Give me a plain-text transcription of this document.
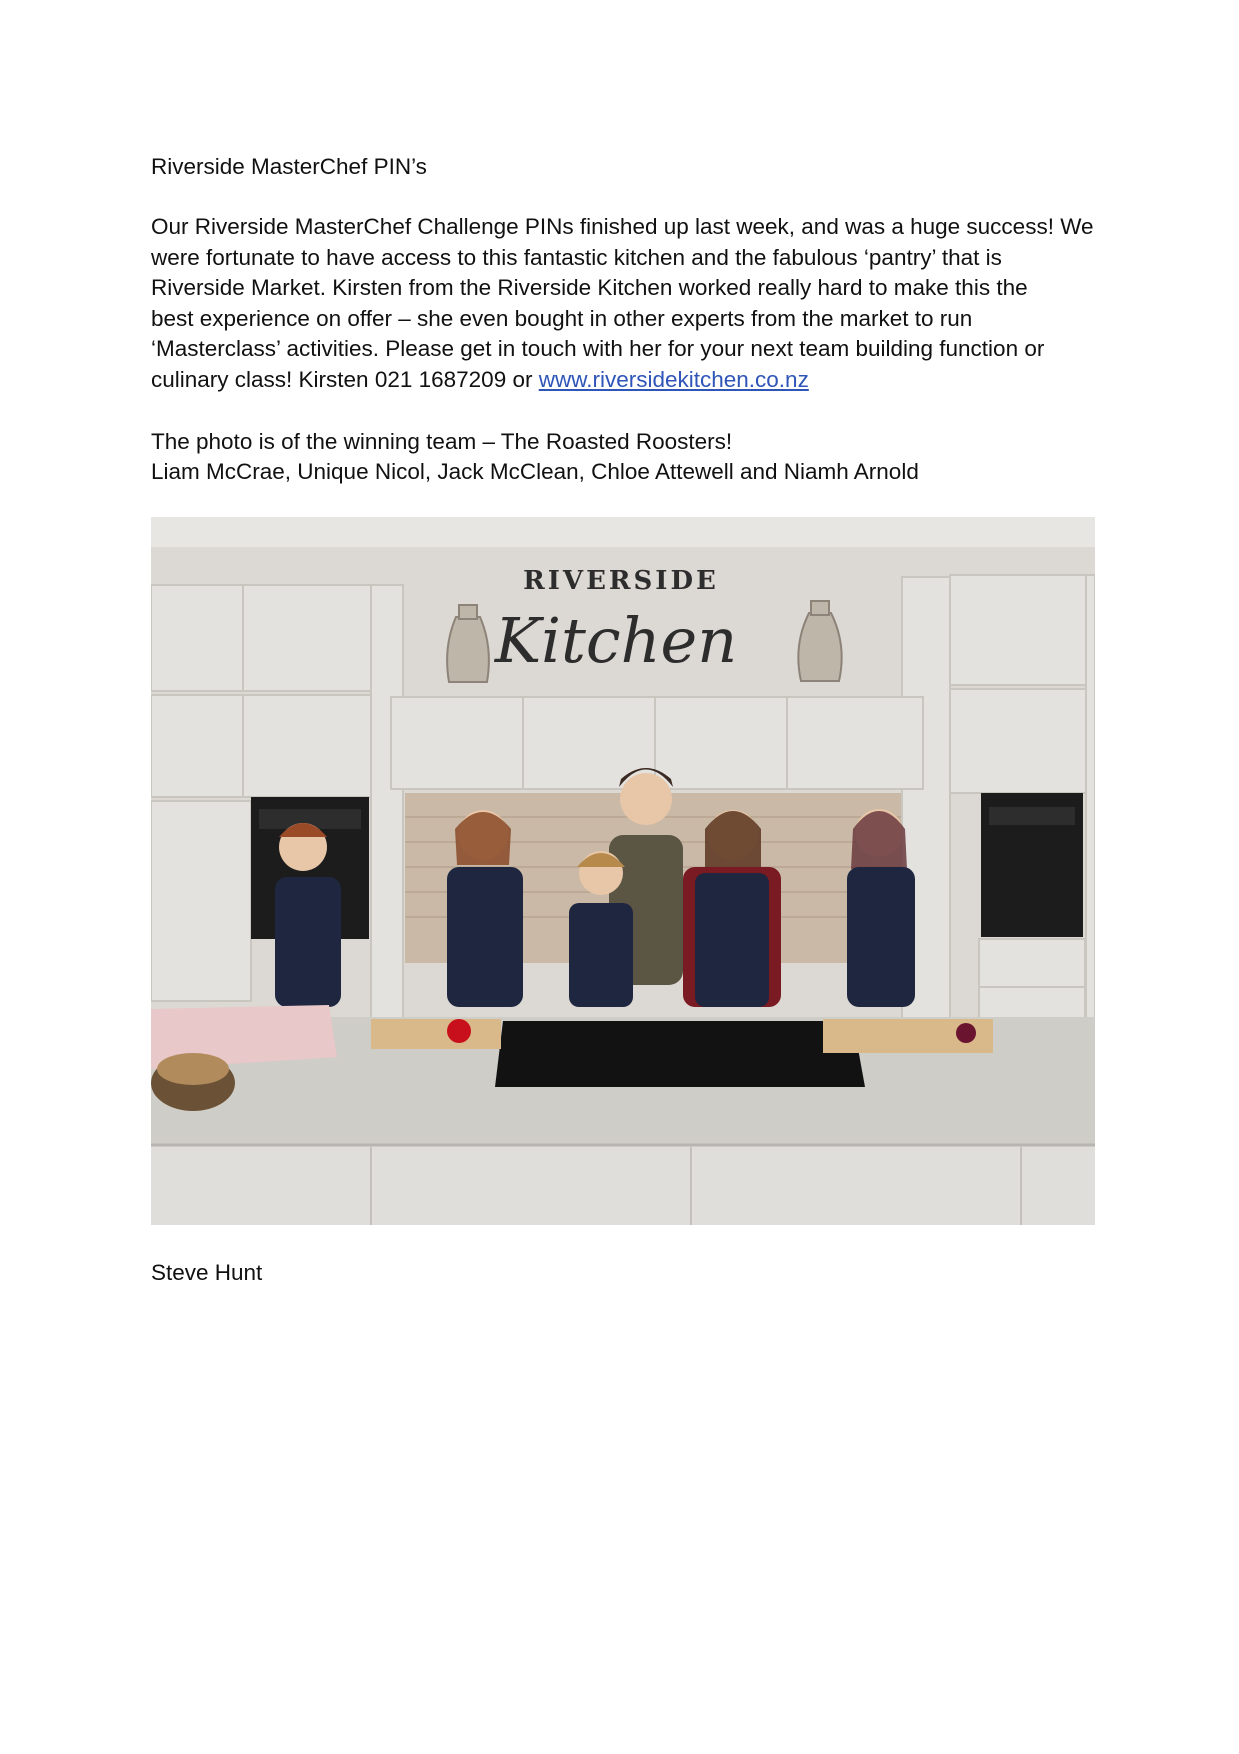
Riverside MasterChef PIN’s

Our Riverside MasterChef Challenge PINs finished up last week, and was a huge success! We
were fortunate to have access to this fantastic kitchen and the fabulous ‘pantry’ that is
Riverside Market. Kirsten from the Riverside Kitchen worked really hard to make this the
best experience on offer – she even bought in other experts from the market to run
‘Masterclass’ activities. Please get in touch with her for your next team building function or
culinary class! Kirsten 021 1687209 or www.riversidekitchen.co.nz

The photo is of the winning team – The Roasted Roosters!

Liam McCrae, Unique Nicol, Jack McClean, Chloe Attewell and Niamh Arnold

RIVERSIDE
Kitchen

Steve Hunt
